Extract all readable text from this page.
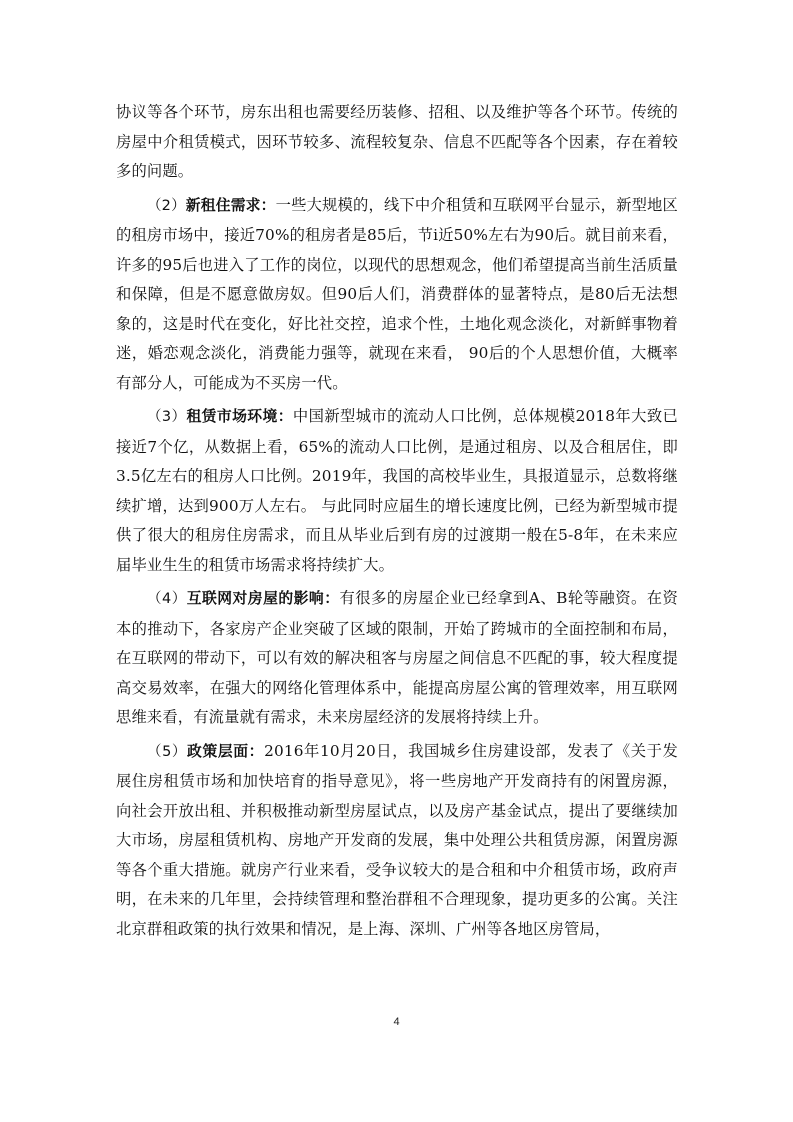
协议等各个环节，房东出租也需要经历装修、招租、以及维护等各个环节。传统的房屋中介租赁模式，因环节较多、流程较复杂、信息不匹配等各个因素，存在着较多的问题。

（2）新租住需求：一些大规模的，线下中介租赁和互联网平台显示，新型地区的租房市场中，接近70%的租房者是85后，节i近50%左右为90后。就目前来看，许多的95后也进入了工作的岗位，以现代的思想观念，他们希望提高当前生活质量和保障，但是不愿意做房奴。但90后人们，消费群体的显著特点，是80后无法想象的，这是时代在变化，好比社交控，追求个性，土地化观念淡化，对新鲜事物着迷，婚恋观念淡化，消费能力强等，就现在来看， 90后的个人思想价值，大概率有部分人，可能成为不买房一代。

（3）租赁市场环境：中国新型城市的流动人口比例，总体规模2018年大致已接近7个亿，从数据上看，65%的流动人口比例，是通过租房、以及合租居住，即3.5亿左右的租房人口比例。2019年，我国的高校毕业生，具报道显示，总数将继续扩增，达到900万人左右。 与此同时应届生的增长速度比例，已经为新型城市提供了很大的租房住房需求，而且从毕业后到有房的过渡期一般在5-8年，在未来应届毕业生生的租赁市场需求将持续扩大。

（4）互联网对房屋的影响：有很多的房屋企业已经拿到A、B轮等融资。在资本的推动下，各家房产企业突破了区域的限制，开始了跨城市的全面控制和布局，在互联网的带动下，可以有效的解决租客与房屋之间信息不匹配的事，较大程度提高交易效率，在强大的网络化管理体系中，能提高房屋公寓的管理效率，用互联网思维来看，有流量就有需求，未来房屋经济的发展将持续上升。

（5）政策层面：2016年10月20日，我国城乡住房建设部，发表了《关于发展住房租赁市场和加快培育的指导意见》，将一些房地产开发商持有的闲置房源，向社会开放出租、并积极推动新型房屋试点，以及房产基金试点，提出了要继续加大市场，房屋租赁机构、房地产开发商的发展，集中处理公共租赁房源，闲置房源等各个重大措施。就房产行业来看，受争议较大的是合租和中介租赁市场，政府声明，在未来的几年里，会持续管理和整治群租不合理现象，提功更多的公寓。关注北京群租政策的执行效果和情况，是上海、深圳、广州等各地区房管局，

4
